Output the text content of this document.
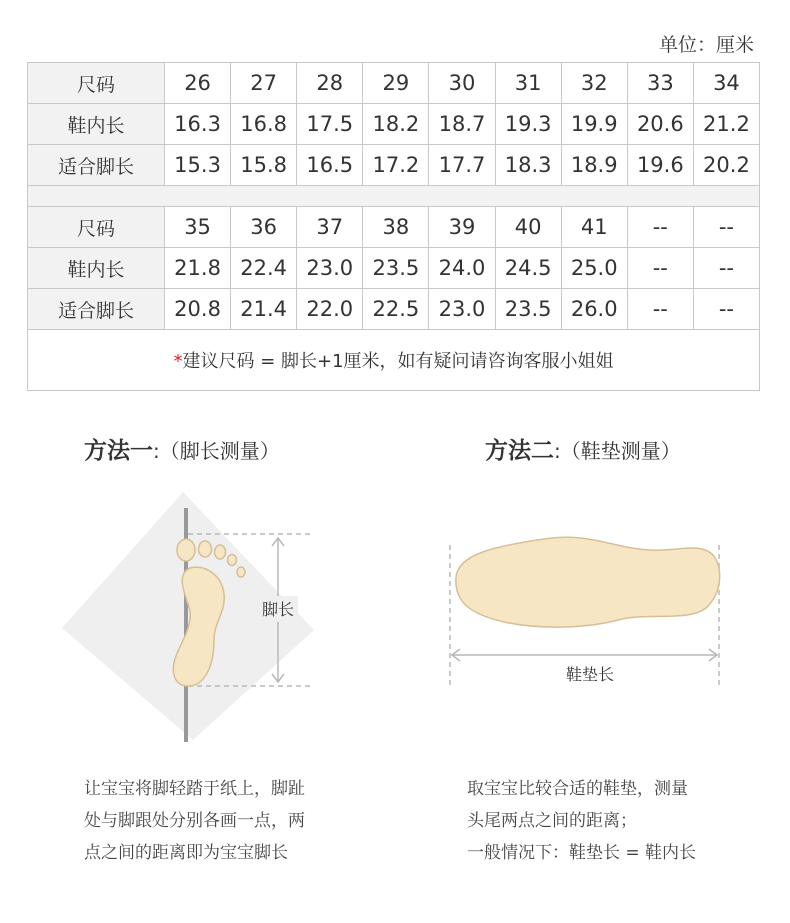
单位：厘米
尺码	26	27	28	29	30	31	32	33	34
鞋内长	16.3	16.8	17.5	18.2	18.7	19.3	19.9	20.6	21.2
适合脚长	15.3	15.8	16.5	17.2	17.7	18.3	18.9	19.6	20.2

尺码	35	36	37	38	39	40	41	--	--
鞋内长	21.8	22.4	23.0	23.5	24.0	24.5	25.0	--	--
适合脚长	20.8	21.4	22.0	22.5	23.0	23.5	26.0	--	--
*建议尺码 = 脚长+1厘米，如有疑问请咨询客服小姐姐									
方法一:（脚长测量）
脚长
让宝宝将脚轻踏于纸上，脚趾
处与脚跟处分别各画一点，两
点之间的距离即为宝宝脚长
方法二:（鞋垫测量）
鞋垫长
取宝宝比较合适的鞋垫，测量
头尾两点之间的距离；
一般情况下：鞋垫长 = 鞋内长
